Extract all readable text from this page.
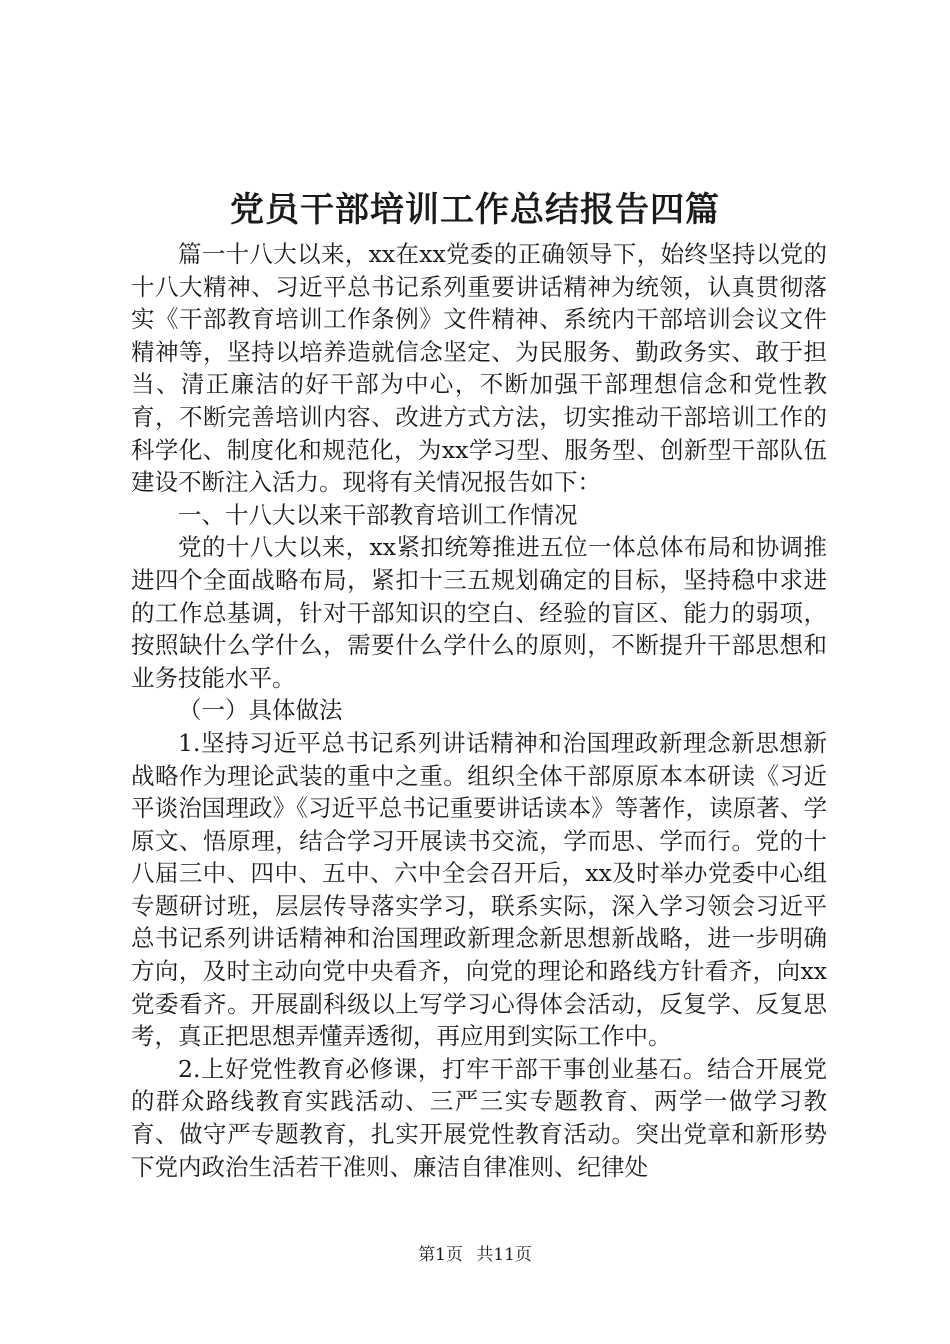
党员干部培训工作总结报告四篇

篇一十八大以来，xx在xx党委的正确领导下，始终坚持以党的十八大精神、习近平总书记系列重要讲话精神为统领，认真贯彻落实《干部教育培训工作条例》文件精神、系统内干部培训会议文件精神等，坚持以培养造就信念坚定、为民服务、勤政务实、敢于担当、清正廉洁的好干部为中心，不断加强干部理想信念和党性教育，不断完善培训内容、改进方式方法，切实推动干部培训工作的科学化、制度化和规范化，为xx学习型、服务型、创新型干部队伍建设不断注入活力。现将有关情况报告如下：

一、十八大以来干部教育培训工作情况

党的十八大以来，xx紧扣统筹推进五位一体总体布局和协调推进四个全面战略布局，紧扣十三五规划确定的目标，坚持稳中求进的工作总基调，针对干部知识的空白、经验的盲区、能力的弱项，按照缺什么学什么，需要什么学什么的原则，不断提升干部思想和业务技能水平。

（一）具体做法

1.坚持习近平总书记系列讲话精神和治国理政新理念新思想新战略作为理论武装的重中之重。组织全体干部原原本本研读《习近平谈治国理政》《习近平总书记重要讲话读本》等著作，读原著、学原文、悟原理，结合学习开展读书交流，学而思、学而行。党的十八届三中、四中、五中、六中全会召开后，xx及时举办党委中心组专题研讨班，层层传导落实学习，联系实际，深入学习领会习近平总书记系列讲话精神和治国理政新理念新思想新战略，进一步明确方向，及时主动向党中央看齐，向党的理论和路线方针看齐，向xx党委看齐。开展副科级以上写学习心得体会活动，反复学、反复思考，真正把思想弄懂弄透彻，再应用到实际工作中。

2.上好党性教育必修课，打牢干部干事创业基石。结合开展党的群众路线教育实践活动、三严三实专题教育、两学一做学习教育、做守严专题教育，扎实开展党性教育活动。突出党章和新形势下党内政治生活若干准则、廉洁自律准则、纪律处

第1页 共11页
